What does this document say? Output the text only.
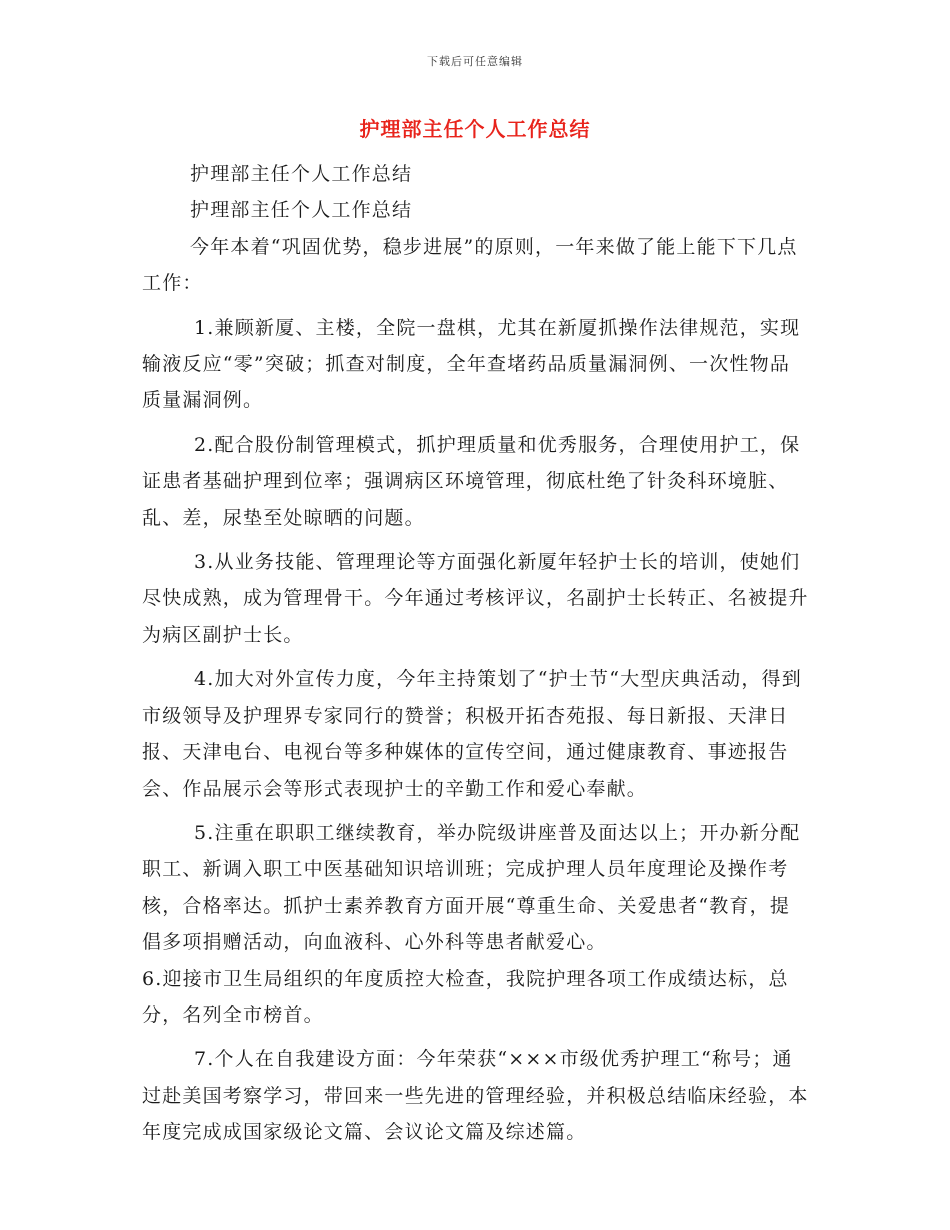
下载后可任意编辑
护理部主任个人工作总结

护理部主任个人工作总结

护理部主任个人工作总结

今年本着“巩固优势，稳步进展”的原则，一年来做了能上能下下几点工作：

1.兼顾新厦、主楼，全院一盘棋，尤其在新厦抓操作法律规范，实现输液反应“零”突破；抓查对制度，全年查堵药品质量漏洞例、一次性物品质量漏洞例。

2.配合股份制管理模式，抓护理质量和优秀服务，合理使用护工，保证患者基础护理到位率；强调病区环境管理，彻底杜绝了针灸科环境脏、乱、差，尿垫至处晾晒的问题。

3.从业务技能、管理理论等方面强化新厦年轻护士长的培训，使她们尽快成熟，成为管理骨干。今年通过考核评议，名副护士长转正、名被提升为病区副护士长。

4.加大对外宣传力度，今年主持策划了“护士节“大型庆典活动，得到市级领导及护理界专家同行的赞誉；积极开拓杏苑报、每日新报、天津日报、天津电台、电视台等多种媒体的宣传空间，通过健康教育、事迹报告会、作品展示会等形式表现护士的辛勤工作和爱心奉献。

5.注重在职职工继续教育，举办院级讲座普及面达以上；开办新分配职工、新调入职工中医基础知识培训班；完成护理人员年度理论及操作考核，合格率达。抓护士素养教育方面开展“尊重生命、关爱患者“教育，提倡多项捐赠活动，向血液科、心外科等患者献爱心。

6.迎接市卫生局组织的年度质控大检查，我院护理各项工作成绩达标，总分，名列全市榜首。

7.个人在自我建设方面：今年荣获“×××市级优秀护理工“称号；通过赴美国考察学习，带回来一些先进的管理经验，并积极总结临床经验，本年度完成成国家级论文篇、会议论文篇及综述篇。
